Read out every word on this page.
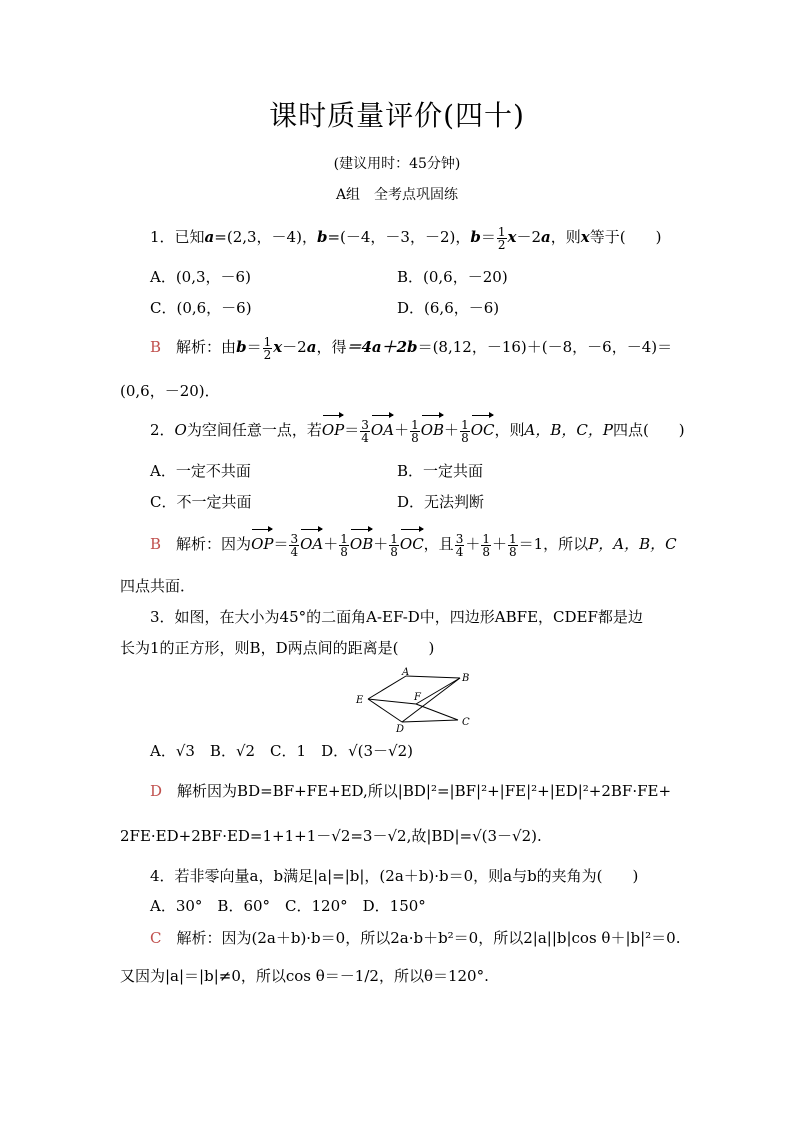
课时质量评价(四十)
(建议用时：45分钟)
A组　全考点巩固练
1．已知a=(2,3，－4)，b=(－4，－3，－2)，$b= \frac{1}{2} x-2a$，则x等于(　　)
A．(0,3，－6)	B．(0,6，－20)
C．(0,6，－6)	D．(6,6，－6)
B　 解析：由$b= \frac{1}{2} x-2a$，得＝4a＋2b＝(8,12，－16)＋(－8，－6，－4)＝
(0,6，－20)．
2．O为空间任意一点，若$OP= \frac{3}{4} OA+ \frac{1}{8} OB+ \frac{1}{8}$ OC，则A，B，C，P四点(　　)
A．一定不共面	B．一定共面
C．不一定共面	D．无法判断
B　 解析：因为$OP= \frac{3}{4} OA+ \frac{1}{8} OB+ \frac{1}{8}$ OC，且 $\frac{3}{4} + \frac{1}{8} + \frac{1}{8} =1$，所以P，A，B，C
四点共面．
3．如图，在大小为45°的二面角A-EF-D中，四边形ABFE，CDEF都是边
长为1的正方形，则B，D两点间的距离是(　　)
A
B
C
D
E	F
A．√3　B．√2　C．1　D．√(3－√2)
D　 解析因为BD=BF+FE+ED,所以|BD|²=|BF|²+|FE|²+|ED|²+2BF·FE+
2FE·ED+2BF·ED=1+1+1－√2=3－√2,故|BD|=√(3－√2).
4．若非零向量a，b满足|a|=|b|，(2a＋b)·b＝0，则a与b的夹角为(　　)
A．30°　B．60°　C．120°　D．150°
C　 解析：因为(2a＋b)·b＝0，所以2a·b＋b²＝0，所以2|a||b|cos θ＋|b|²＝0.
又因为|a|＝|b|≠0，所以cos θ＝－1/2，所以θ＝120°.
